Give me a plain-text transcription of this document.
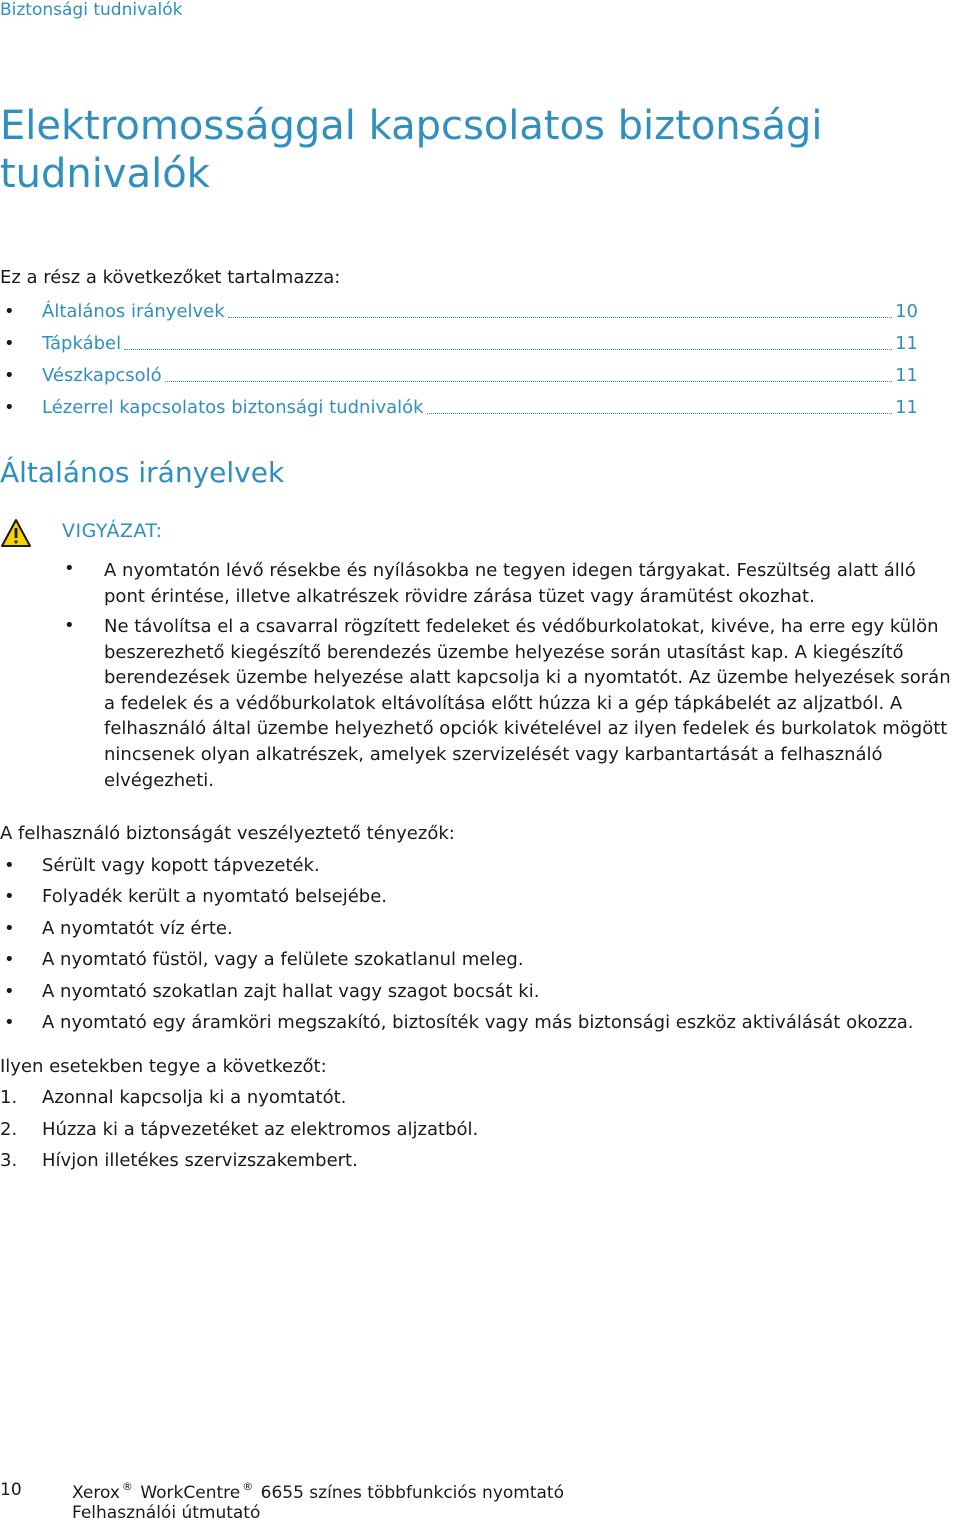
Biztonsági tudnivalók
Elektromossággal kapcsolatos biztonsági tudnivalók
Ez a rész a következőket tartalmazza:
• Általános irányelvek	10
• Tápkábel	11
• Vészkapcsoló	11
• Lézerrel kapcsolatos biztonsági tudnivalók	11
Általános irányelvek
VIGYÁZAT:
• A nyomtatón lévő résekbe és nyílásokba ne tegyen idegen tárgyakat. Feszültség alatt álló pont érintése, illetve alkatrészek rövidre zárása tüzet vagy áramütést okozhat.
• Ne távolítsa el a csavarral rögzített fedeleket és védőburkolatokat, kivéve, ha erre egy külön beszerezhető kiegészítő berendezés üzembe helyezése során utasítást kap. A kiegészítő berendezések üzembe helyezése alatt kapcsolja ki a nyomtatót. Az üzembe helyezések során a fedelek és a védőburkolatok eltávolítása előtt húzza ki a gép tápkábelét az aljzatból. A felhasználó által üzembe helyezhető opciók kivételével az ilyen fedelek és burkolatok mögött nincsenek olyan alkatrészek, amelyek szervizelését vagy karbantartását a felhasználó elvégezheti.
A felhasználó biztonságát veszélyeztető tényezők:
• Sérült vagy kopott tápvezeték.
• Folyadék került a nyomtató belsejébe.
• A nyomtatót víz érte.
• A nyomtató füstöl, vagy a felülete szokatlanul meleg.
• A nyomtató szokatlan zajt hallat vagy szagot bocsát ki.
• A nyomtató egy áramköri megszakító, biztosíték vagy más biztonsági eszköz aktiválását okozza.
Ilyen esetekben tegye a következőt:
1. Azonnal kapcsolja ki a nyomtatót.
2. Húzza ki a tápvezetéket az elektromos aljzatból.
3. Hívjon illetékes szervizszakembert.
10	Xerox ® WorkCentre ® 6655 színes többfunkciós nyomtató
Felhasználói útmutató
